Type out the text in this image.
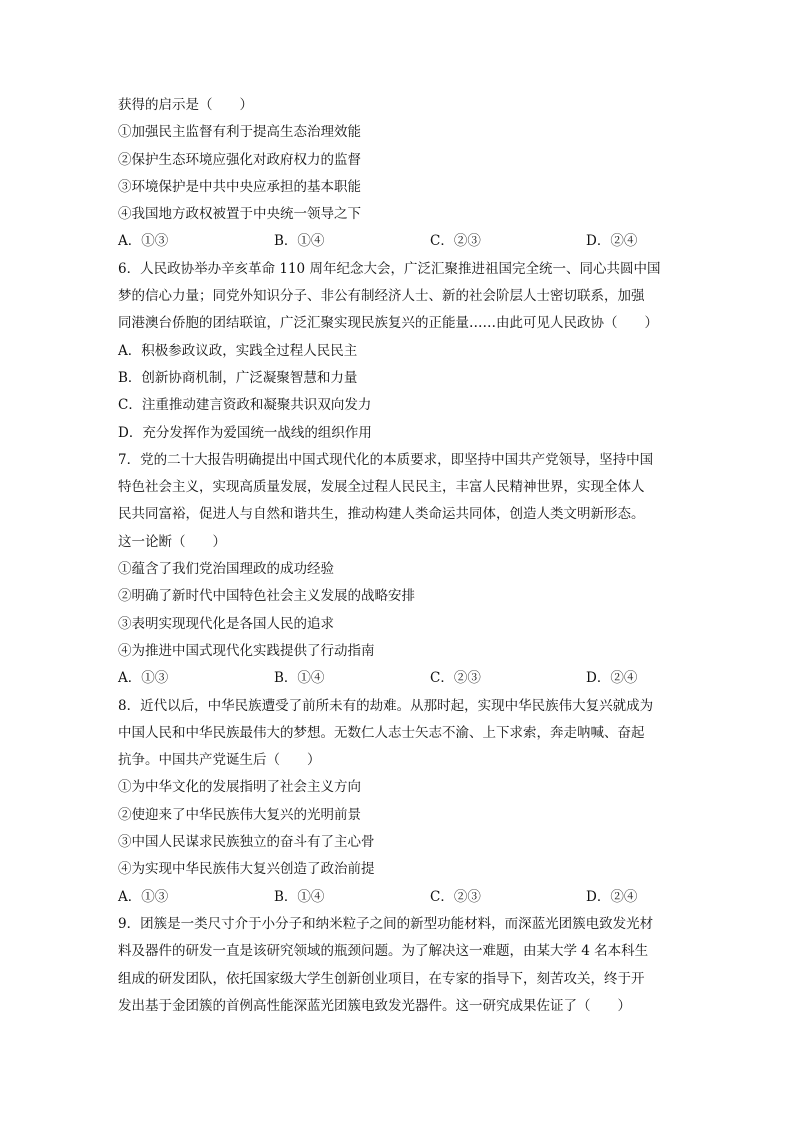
获得的启示是（　　）
①加强民主监督有利于提高生态治理效能
②保护生态环境应强化对政府权力的监督
③环境保护是中共中央应承担的基本职能
④我国地方政权被置于中央统一领导之下
A．①③	B．①④	C．②③	D．②④
6．人民政协举办辛亥革命 110 周年纪念大会，广泛汇聚推进祖国完全统一、同心共圆中国
梦的信心力量；同党外知识分子、非公有制经济人士、新的社会阶层人士密切联系，加强
同港澳台侨胞的团结联谊，广泛汇聚实现民族复兴的正能量……由此可见人民政协（　　）
A．积极参政议政，实践全过程人民民主
B．创新协商机制，广泛凝聚智慧和力量
C．注重推动建言资政和凝聚共识双向发力
D．充分发挥作为爱国统一战线的组织作用
7．党的二十大报告明确提出中国式现代化的本质要求，即坚持中国共产党领导，坚持中国
特色社会主义，实现高质量发展，发展全过程人民民主，丰富人民精神世界，实现全体人
民共同富裕，促进人与自然和谐共生，推动构建人类命运共同体，创造人类文明新形态。
这一论断（　　）
①蕴含了我们党治国理政的成功经验
②明确了新时代中国特色社会主义发展的战略安排
③表明实现现代化是各国人民的追求
④为推进中国式现代化实践提供了行动指南
A．①③	B．①④	C．②③	D．②④
8．近代以后，中华民族遭受了前所未有的劫难。从那时起，实现中华民族伟大复兴就成为
中国人民和中华民族最伟大的梦想。无数仁人志士矢志不渝、上下求索，奔走呐喊、奋起
抗争。中国共产党诞生后（　　）
①为中华文化的发展指明了社会主义方向
②使迎来了中华民族伟大复兴的光明前景
③中国人民谋求民族独立的奋斗有了主心骨
④为实现中华民族伟大复兴创造了政治前提
A．①③	B．①④	C．②③	D．②④
9．团簇是一类尺寸介于小分子和纳米粒子之间的新型功能材料，而深蓝光团簇电致发光材
料及器件的研发一直是该研究领域的瓶颈问题。为了解决这一难题，由某大学 4 名本科生
组成的研发团队，依托国家级大学生创新创业项目，在专家的指导下，刻苦攻关，终于开
发出基于金团簇的首例高性能深蓝光团簇电致发光器件。这一研究成果佐证了（　　）
